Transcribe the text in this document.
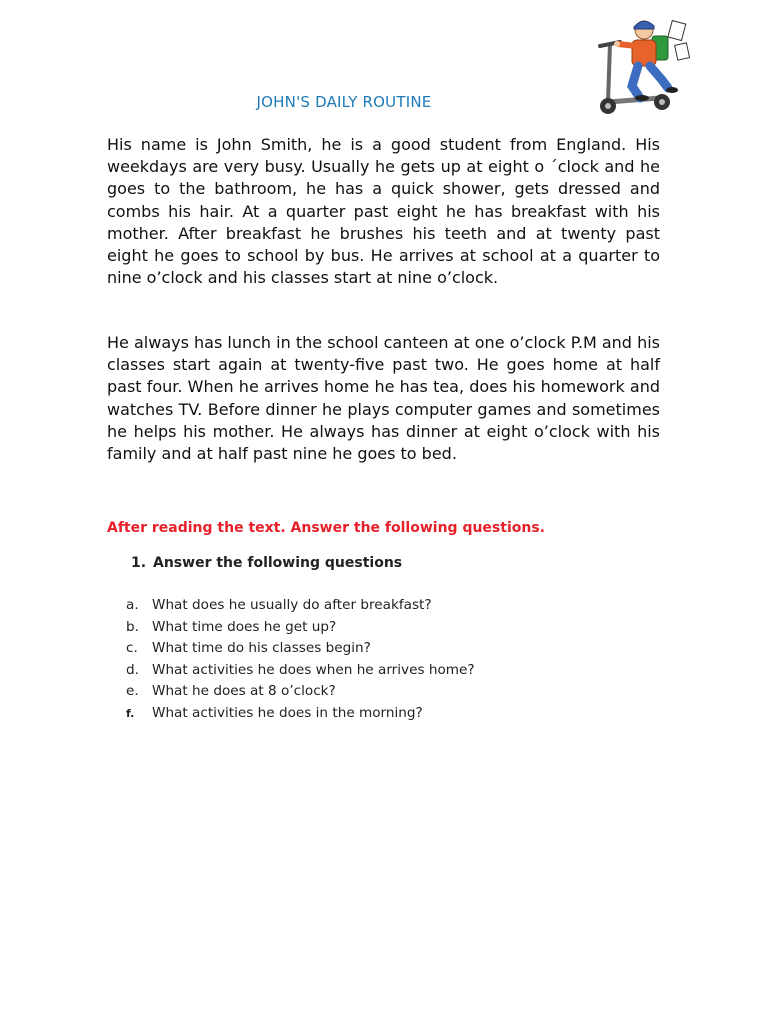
JOHN'S DAILY ROUTINE

His name is John Smith, he is a good student from England. His weekdays are very busy. Usually he gets up at eight o ´clock and he goes to the bathroom, he has a quick shower, gets dressed and combs his hair. At a quarter past eight he has breakfast with his mother. After breakfast he brushes his teeth and at twenty past eight he goes to school by bus. He arrives at school at a quarter to nine o’clock and his classes start at nine o’clock.

He always has lunch in the school canteen at one o’clock P.M and his classes start again at twenty-five past two. He goes home at half past four. When he arrives home he has tea, does his homework and watches TV. Before dinner he plays computer games and sometimes he helps his mother. He always has dinner at eight o’clock with his family and at half past nine he goes to bed.

After reading the text. Answer the following questions.

1. Answer the following questions

a. What does he usually do after breakfast?
b. What time does he get up?
c. What time do his classes begin?
d. What activities he does when he arrives home?
e. What he does at 8 o’clock?
f. What activities he does in the morning?
